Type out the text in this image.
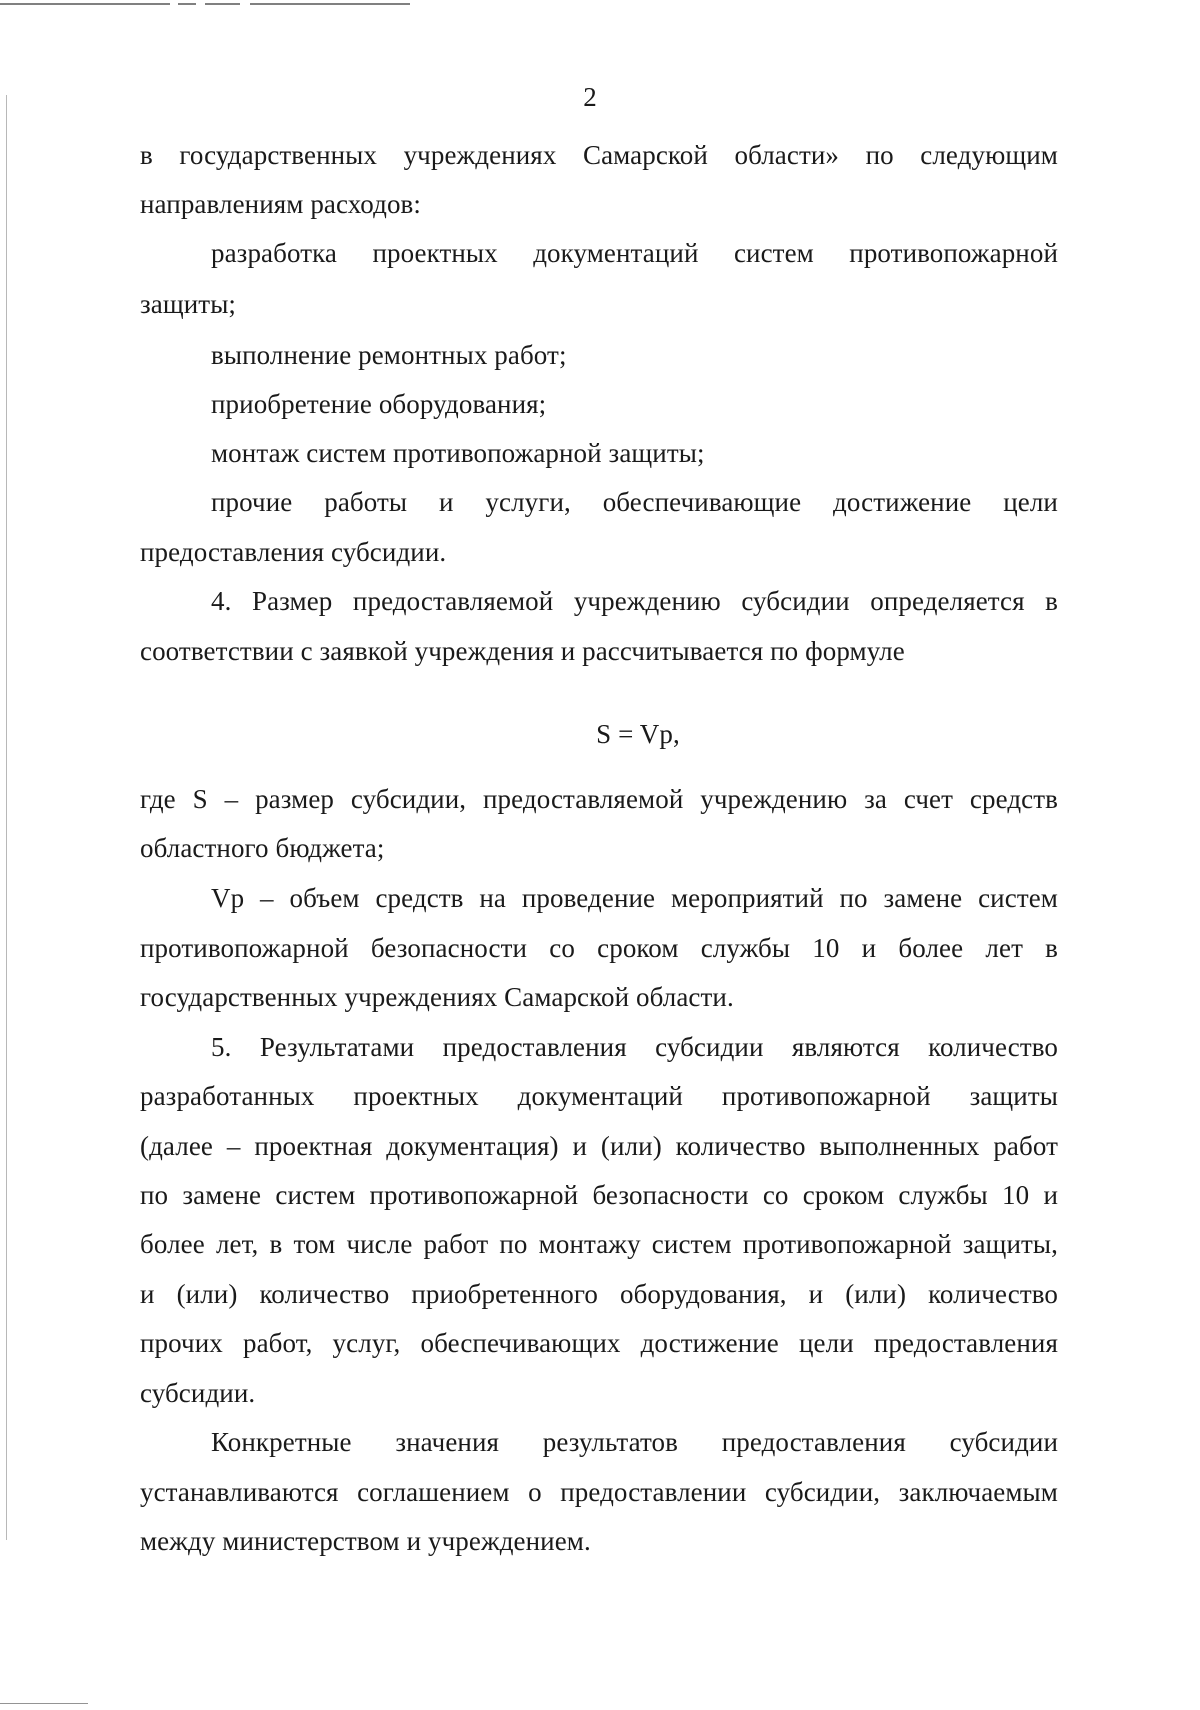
2
в государственных учреждениях Самарской области» по следующим
направлениям расходов:
разработка проектных документаций систем противопожарной
защиты;
выполнение ремонтных работ;
приобретение оборудования;
монтаж систем противопожарной защиты;
прочие работы и услуги, обеспечивающие достижение цели
предоставления субсидии.
4. Размер предоставляемой учреждению субсидии определяется в
соответствии с заявкой учреждения и рассчитывается по формуле
S = Vp,
где S – размер субсидии, предоставляемой учреждению за счет средств
областного бюджета;
Vp – объем средств на проведение мероприятий по замене систем
противопожарной безопасности со сроком службы 10 и более лет в
государственных учреждениях Самарской области.
5. Результатами предоставления субсидии являются количество
разработанных проектных документаций противопожарной защиты
(далее – проектная документация) и (или) количество выполненных работ
по замене систем противопожарной безопасности со сроком службы 10 и
более лет, в том числе работ по монтажу систем противопожарной защиты,
и (или) количество приобретенного оборудования, и (или) количество
прочих работ, услуг, обеспечивающих достижение цели предоставления
субсидии.
Конкретные значения результатов предоставления субсидии
устанавливаются соглашением о предоставлении субсидии, заключаемым
между министерством и учреждением.
